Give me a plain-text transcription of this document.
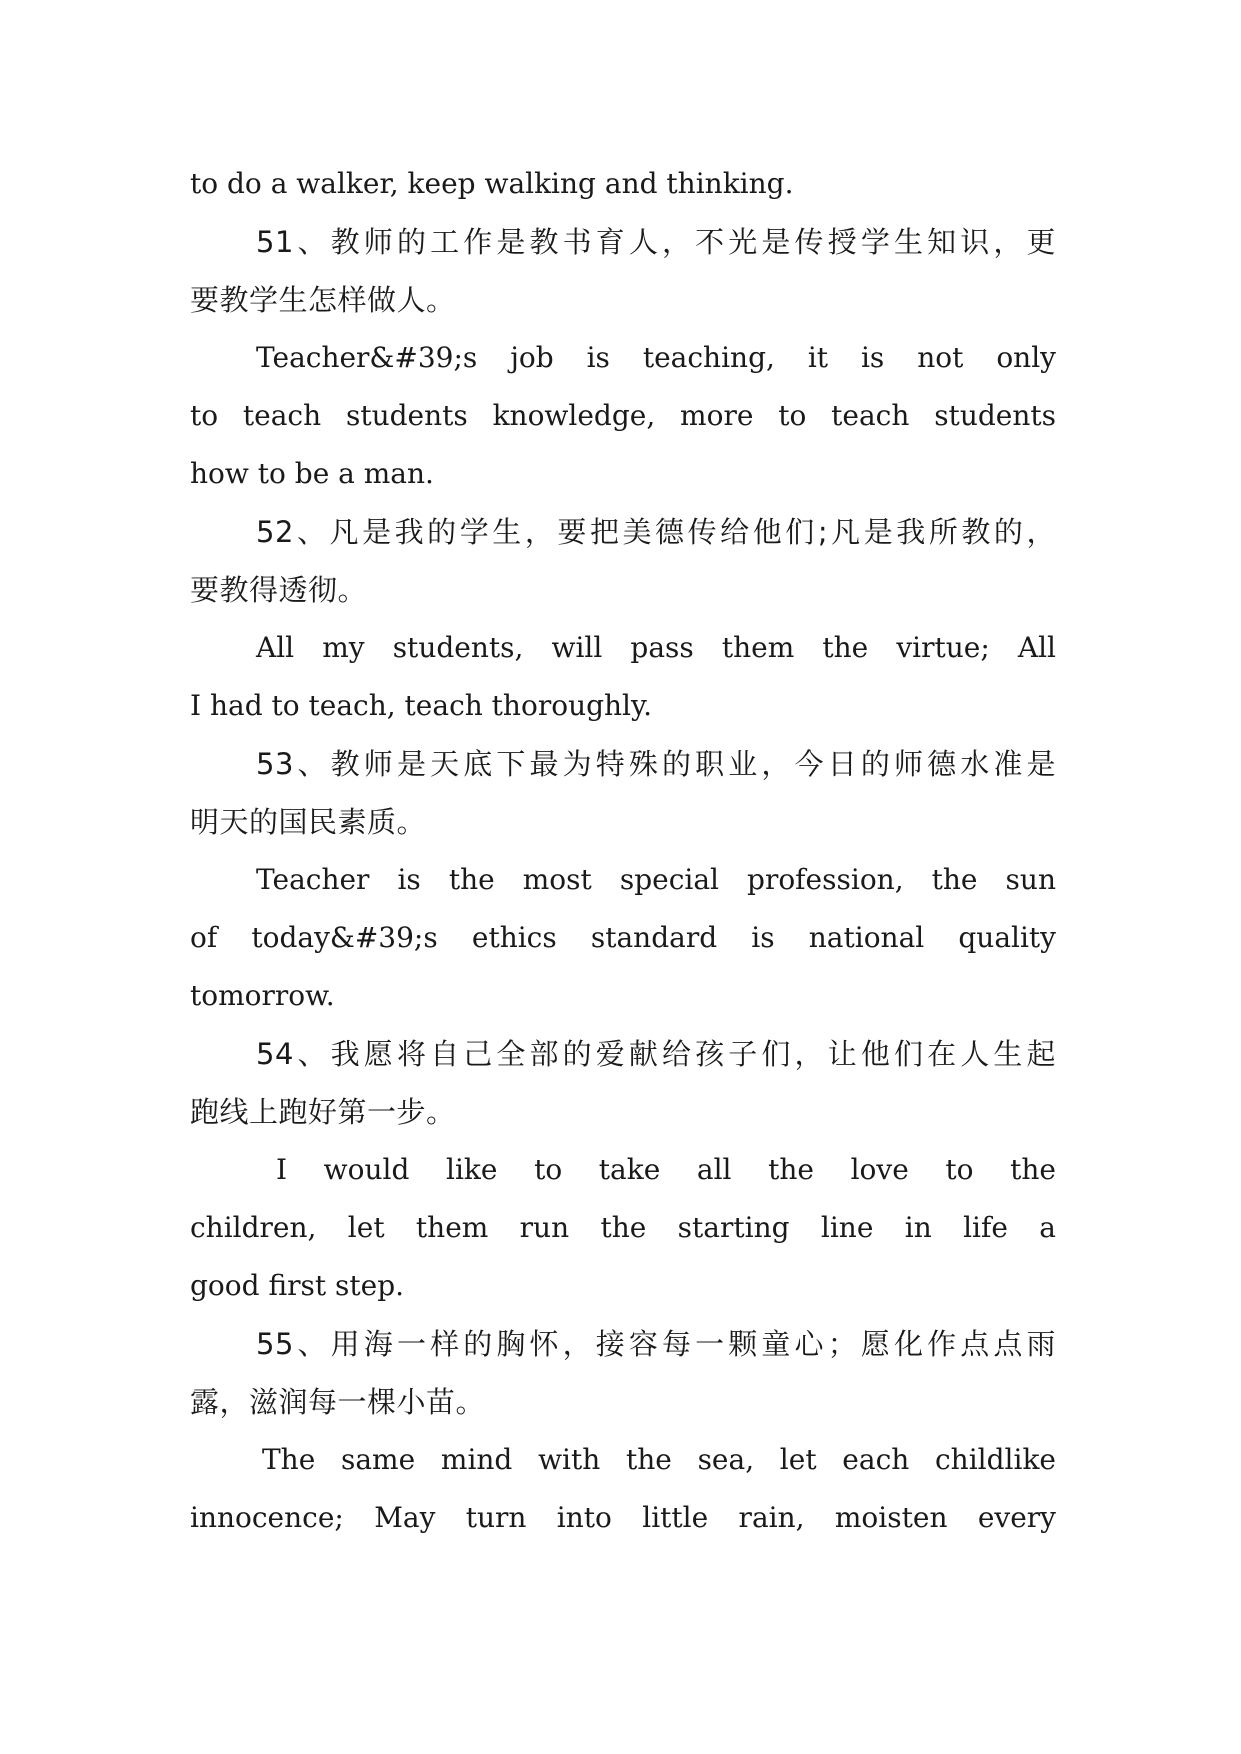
to do a walker, keep walking and thinking.
51、教师的工作是教书育人，不光是传授学生知识，更
要教学生怎样做人。
Teacher&#39;s job is teaching, it is not only
to teach students knowledge, more to teach students
how to be a man.
52、凡是我的学生，要把美德传给他们;凡是我所教的，
要教得透彻。
All my students, will pass them the virtue; All
I had to teach, teach thoroughly.
53、教师是天底下最为特殊的职业，今日的师德水准是
明天的国民素质。
Teacher is the most special profession, the sun
of today&#39;s ethics standard is national quality
tomorrow.
54、我愿将自己全部的爱献给孩子们，让他们在人生起
跑线上跑好第一步。
I would like to take all the love to the
children, let them run the starting line in life a
good first step.
55、用海一样的胸怀，接容每一颗童心；愿化作点点雨
露，滋润每一棵小苗。
The same mind with the sea, let each childlike
innocence; May turn into little rain, moisten every
